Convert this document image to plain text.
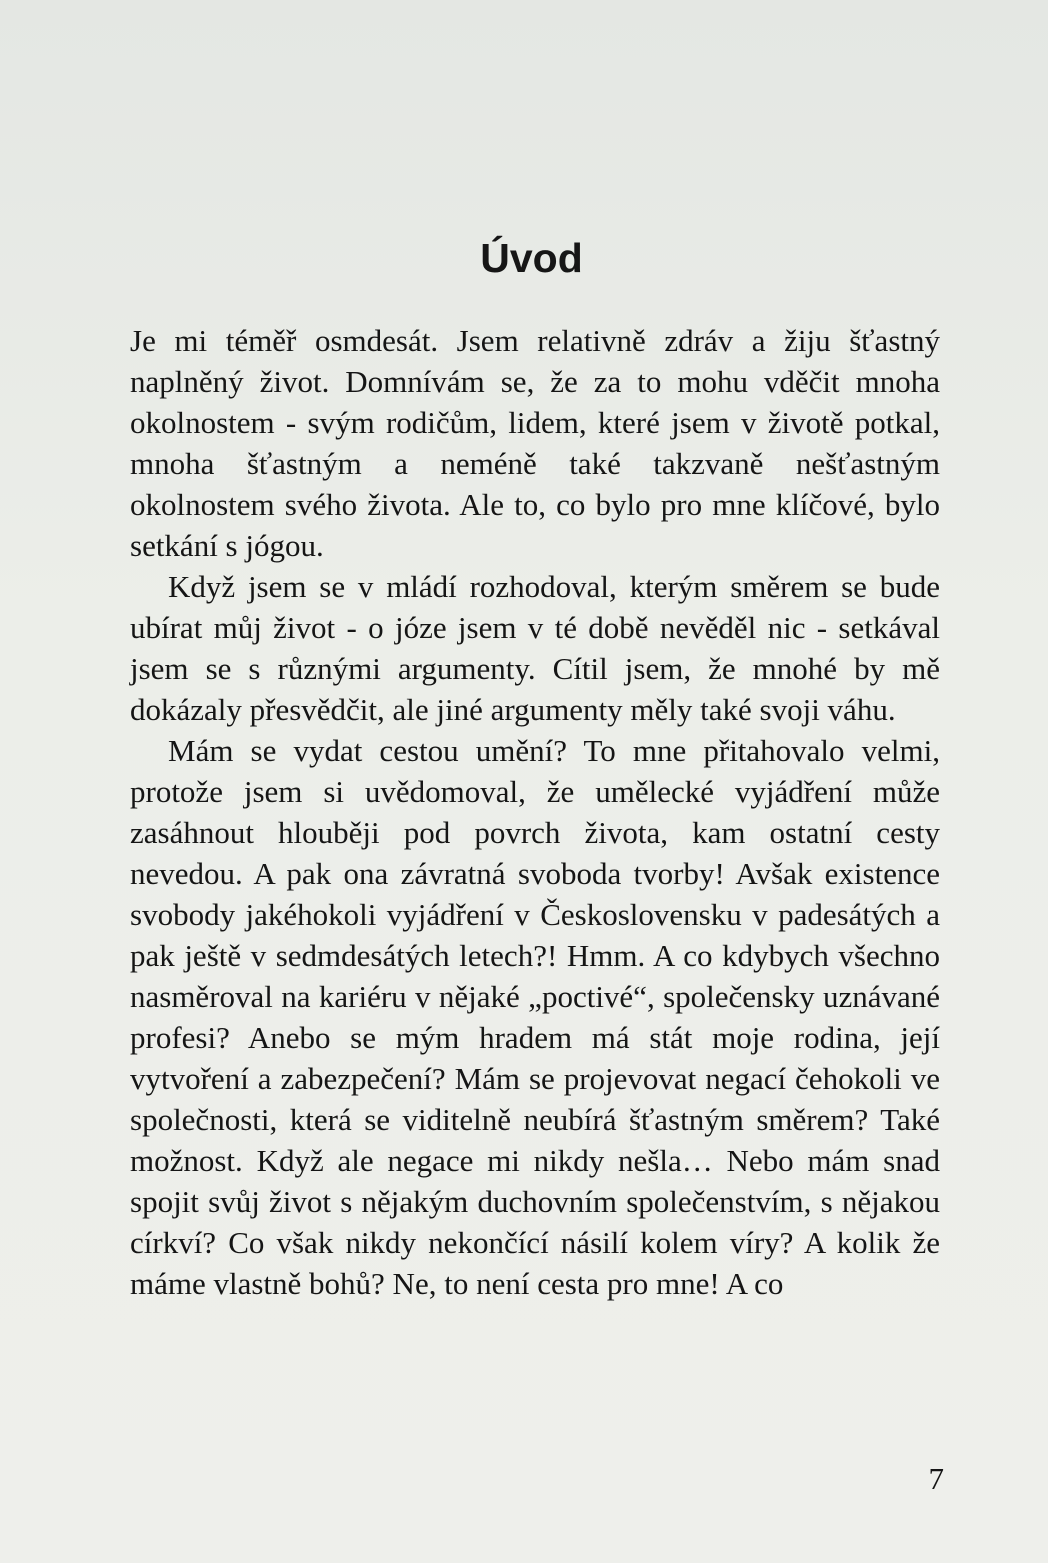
Úvod

Je mi téměř osmdesát. Jsem relativně zdráv a žiju šťastný naplněný život. Domnívám se, že za to mohu vděčit mnoha okolnostem - svým rodičům, lidem, které jsem v životě potkal, mnoha šťastným a neméně také takzvaně nešťastným okolnostem svého života. Ale to, co bylo pro mne klíčové, bylo setkání s jógou.

Když jsem se v mládí rozhodoval, kterým směrem se bude ubírat můj život - o józe jsem v té době nevěděl nic - setkával jsem se s různými argumenty. Cítil jsem, že mnohé by mě dokázaly přesvědčit, ale jiné argumenty měly také svoji váhu.

Mám se vydat cestou umění? To mne přitahovalo velmi, protože jsem si uvědomoval, že umělecké vyjádření může zasáhnout hlouběji pod povrch života, kam ostatní cesty nevedou. A pak ona závratná svoboda tvorby! Avšak existence svobody jakéhokoli vyjádření v Československu v padesátých a pak ještě v sedmdesátých letech?! Hmm. A co kdybych všechno nasměroval na kariéru v nějaké „poctivé“, společensky uznávané profesi? Anebo se mým hradem má stát moje rodina, její vytvoření a zabezpečení? Mám se projevovat negací čehokoli ve společnosti, která se viditelně neubírá šťastným směrem? Také možnost. Když ale negace mi nikdy nešla… Nebo mám snad spojit svůj život s nějakým duchovním společenstvím, s nějakou církví? Co však nikdy nekončící násilí kolem víry? A kolik že máme vlastně bohů? Ne, to není cesta pro mne! A co

7
